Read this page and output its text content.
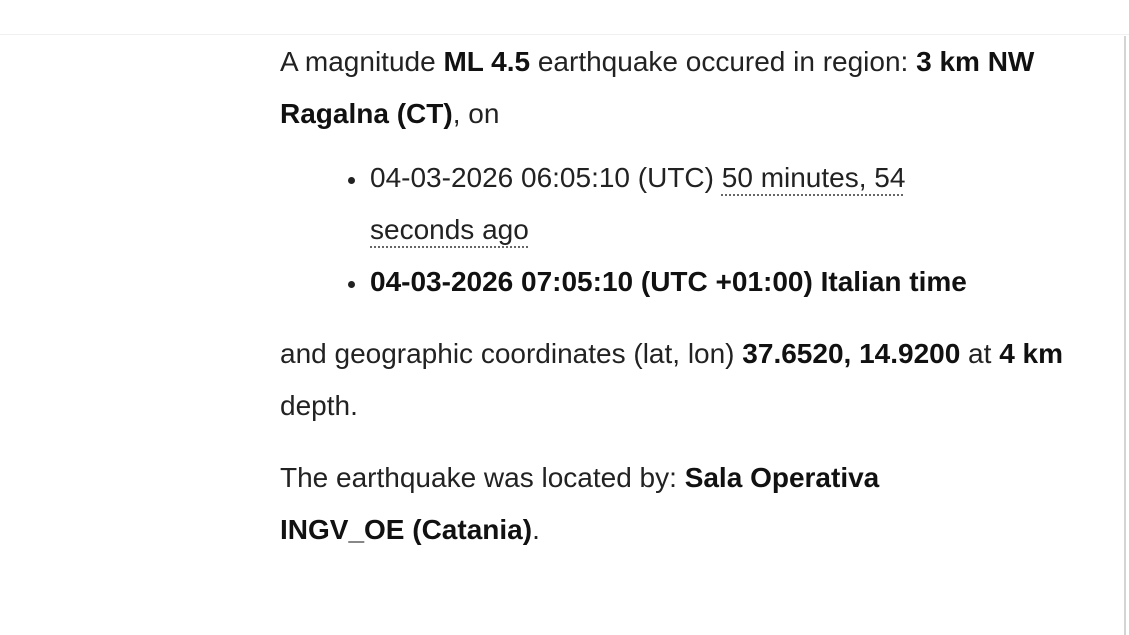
A magnitude ML 4.5 earthquake occured in region: 3 km NW Ragalna (CT), on

• 04-03-2026 06:05:10 (UTC) 50 minutes, 54 seconds ago
• 04-03-2026 07:05:10 (UTC +01:00) Italian time

and geographic coordinates (lat, lon) 37.6520, 14.9200 at 4 km depth.

The earthquake was located by: Sala Operativa INGV_OE (Catania).
